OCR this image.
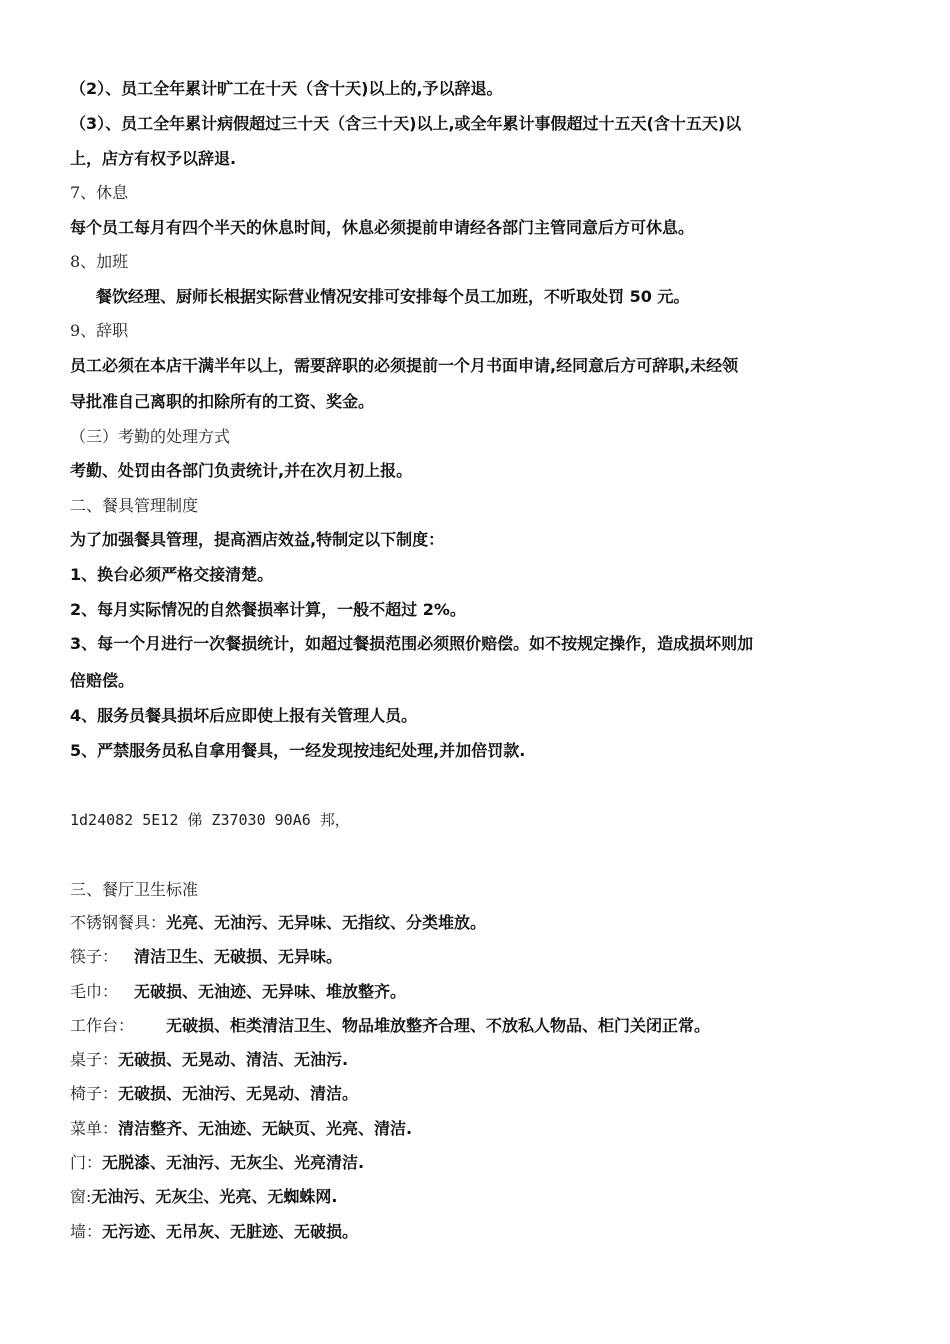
（2）、员工全年累计旷工在十天（含十天)以上的,予以辞退。
（3）、员工全年累计病假超过三十天（含三十天)以上,或全年累计事假超过十五天(含十五天)以
上，店方有权予以辞退.
7、休息
每个员工每月有四个半天的休息时间，休息必须提前申请经各部门主管同意后方可休息。
8、加班
餐饮经理、厨师长根据实际营业情况安排可安排每个员工加班，不听取处罚 50 元。
9、辞职
员工必须在本店干满半年以上，需要辞职的必须提前一个月书面申请,经同意后方可辞职,未经领
导批准自己离职的扣除所有的工资、奖金。
（三）考勤的处理方式
考勤、处罚由各部门负责统计,并在次月初上报。
二、餐具管理制度
为了加强餐具管理，提高酒店效益,特制定以下制度：
1、换台必须严格交接清楚。
2、每月实际情况的自然餐损率计算，一般不超过 2%。
3、每一个月进行一次餐损统计，如超过餐损范围必须照价赔偿。如不按规定操作，造成损坏则加
倍赔偿。
4、服务员餐具损坏后应即使上报有关管理人员。
5、严禁服务员私自拿用餐具，一经发现按违纪处理,并加倍罚款.
1d24082 5E12 俤 Z37030 90A6 邦，
三、餐厅卫生标准
不锈钢餐具：光亮、无油污、无异味、无指纹、分类堆放。
筷子： 清洁卫生、无破损、无异味。
毛巾： 无破损、无油迹、无异味、堆放整齐。
工作台： 无破损、柜类清洁卫生、物品堆放整齐合理、不放私人物品、柜门关闭正常。
桌子：无破损、无晃动、清洁、无油污.
椅子：无破损、无油污、无晃动、清洁。
菜单：清洁整齐、无油迹、无缺页、光亮、清洁.
门：无脱漆、无油污、无灰尘、光亮清洁.
窗:无油污、无灰尘、光亮、无蜘蛛网.
墙：无污迹、无吊灰、无脏迹、无破损。
